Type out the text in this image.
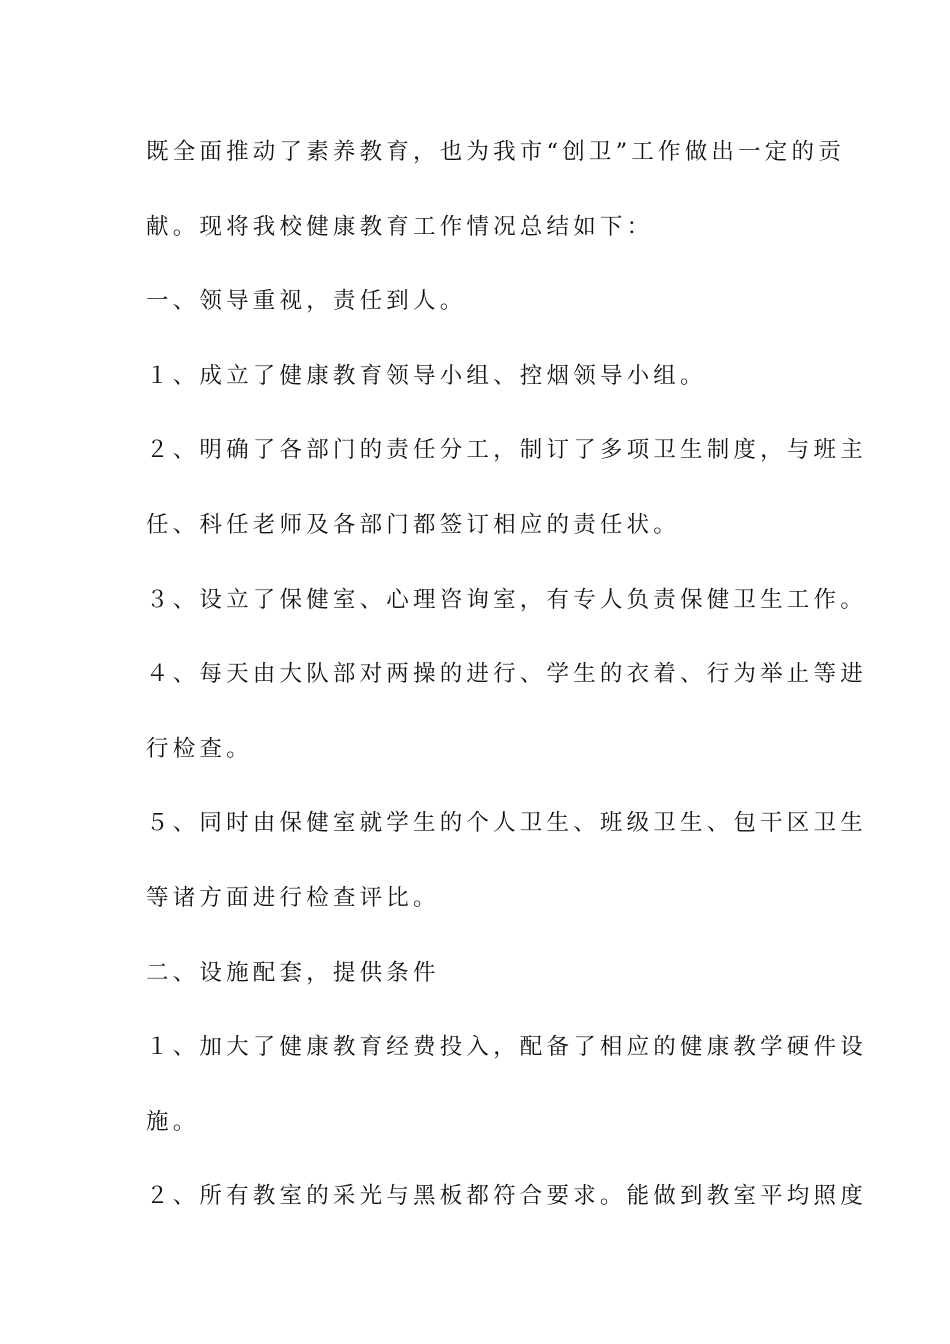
既全面推动了素养教育，也为我市“创卫”工作做出一定的贡
献。现将我校健康教育工作情况总结如下：
一、领导重视，责任到人。
１、成立了健康教育领导小组、控烟领导小组。
２、明确了各部门的责任分工，制订了多项卫生制度，与班主
任、科任老师及各部门都签订相应的责任状。
３、设立了保健室、心理咨询室，有专人负责保健卫生工作。
４、每天由大队部对两操的进行、学生的衣着、行为举止等进
行检查。
５、同时由保健室就学生的个人卫生、班级卫生、包干区卫生
等诸方面进行检查评比。
二、设施配套，提供条件
１、加大了健康教育经费投入，配备了相应的健康教学硬件设
施。
２、所有教室的采光与黑板都符合要求。能做到教室平均照度
